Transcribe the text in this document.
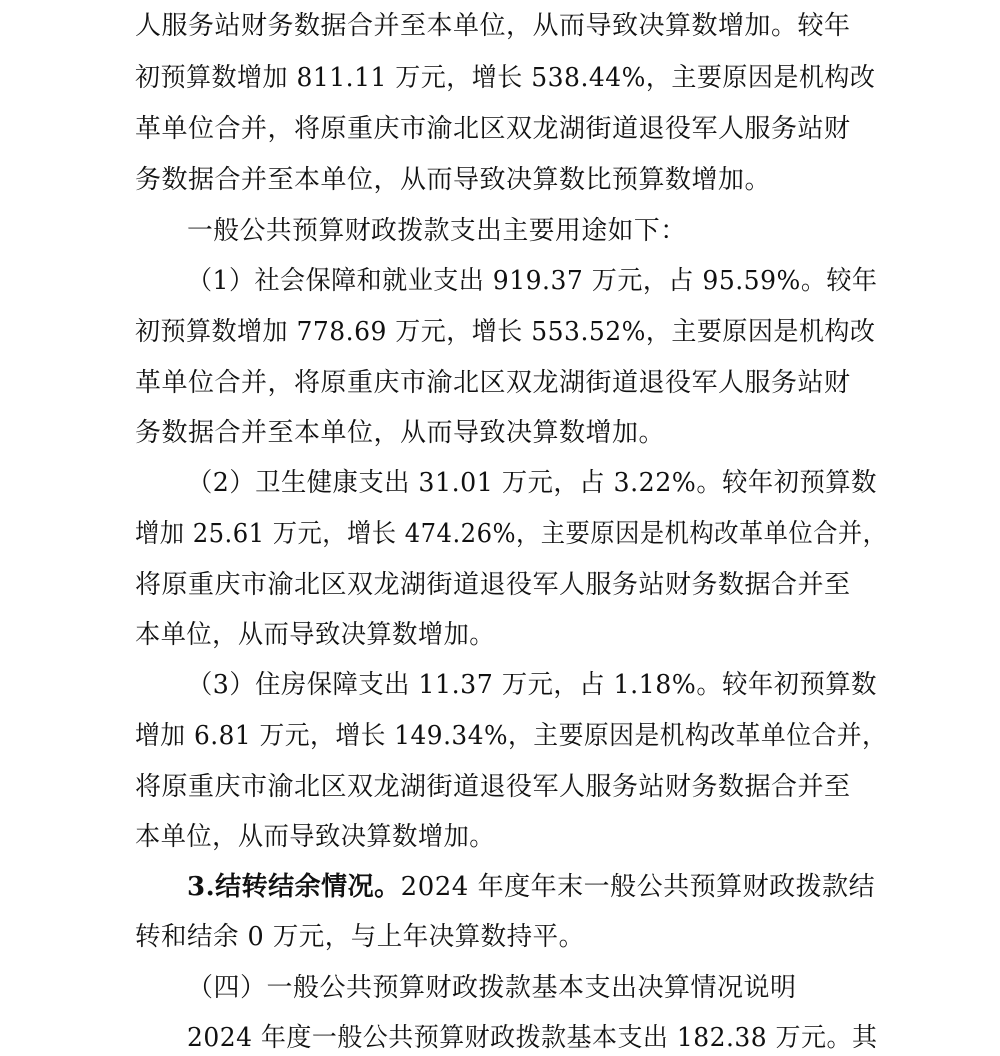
人服务站财务数据合并至本单位，从而导致决算数增加。较年
初预算数增加 811.11 万元，增长 538.44%，主要原因是机构改
革单位合并，将原重庆市渝北区双龙湖街道退役军人服务站财
务数据合并至本单位，从而导致决算数比预算数增加。
一般公共预算财政拨款支出主要用途如下：
（1）社会保障和就业支出 919.37 万元，占 95.59%。较年
初预算数增加 778.69 万元，增长 553.52%，主要原因是机构改
革单位合并，将原重庆市渝北区双龙湖街道退役军人服务站财
务数据合并至本单位，从而导致决算数增加。
（2）卫生健康支出 31.01 万元，占 3.22%。较年初预算数
增加 25.61 万元，增长 474.26%，主要原因是机构改革单位合并，
将原重庆市渝北区双龙湖街道退役军人服务站财务数据合并至
本单位，从而导致决算数增加。
（3）住房保障支出 11.37 万元，占 1.18%。较年初预算数
增加 6.81 万元，增长 149.34%，主要原因是机构改革单位合并，
将原重庆市渝北区双龙湖街道退役军人服务站财务数据合并至
本单位，从而导致决算数增加。
3.结转结余情况。2024 年度年末一般公共预算财政拨款结
转和结余 0 万元，与上年决算数持平。
（四）一般公共预算财政拨款基本支出决算情况说明
2024 年度一般公共预算财政拨款基本支出 182.38 万元。其
